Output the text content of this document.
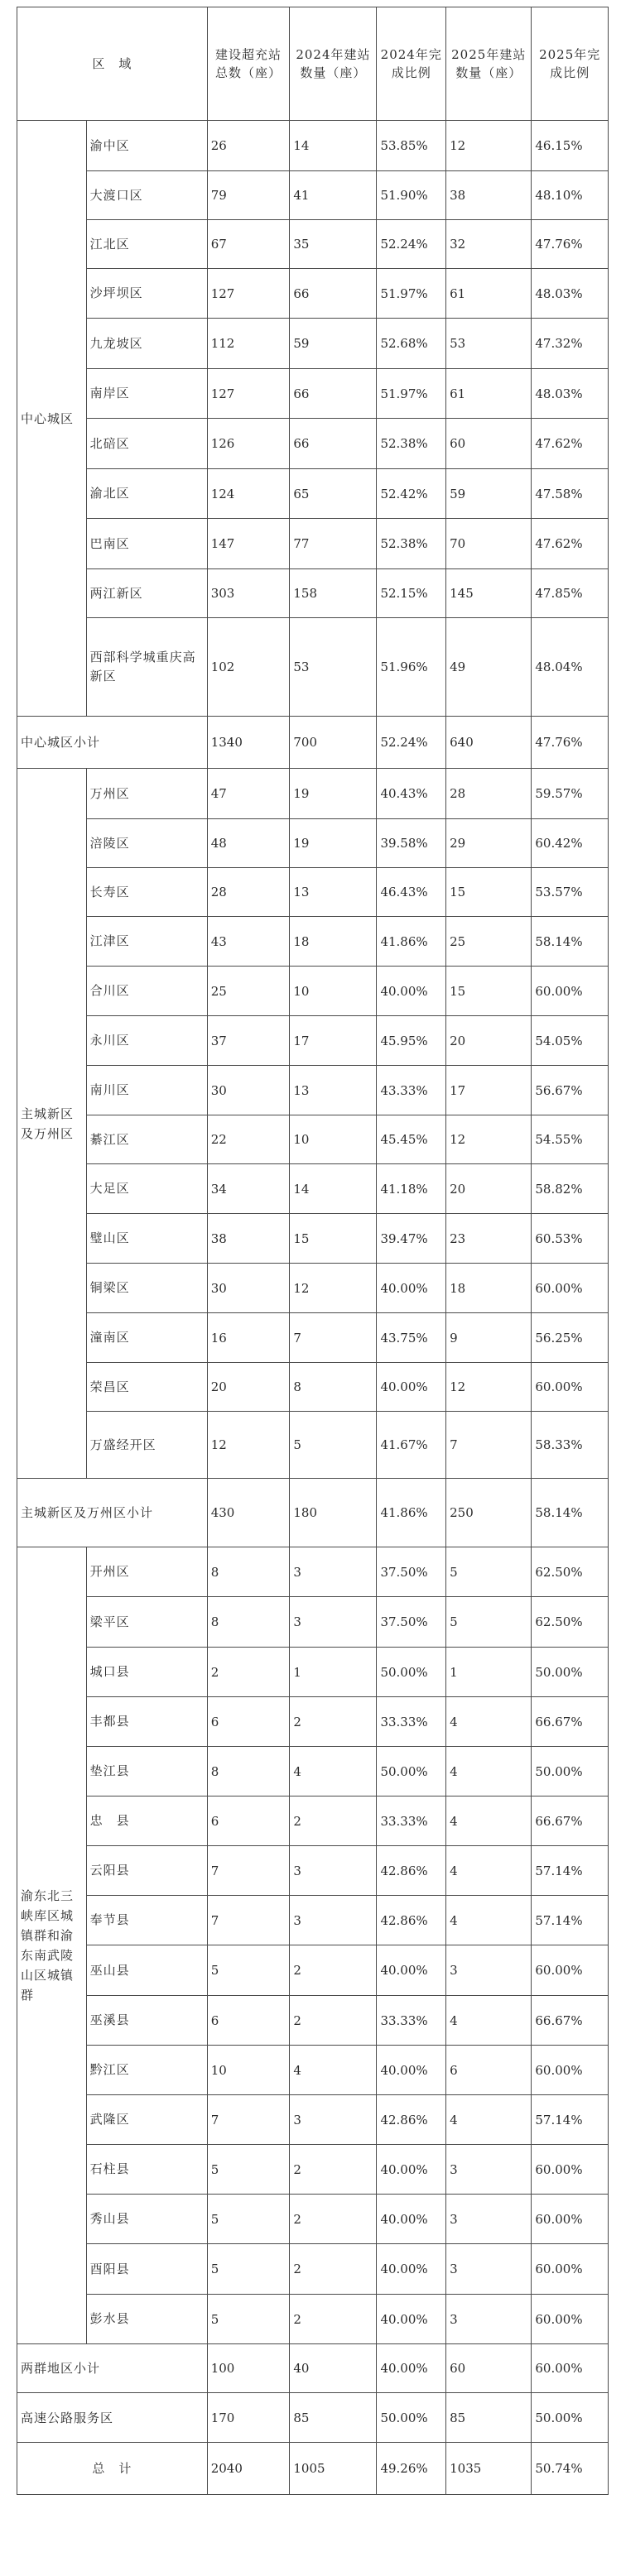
区　域		建设超充站总数（座）	2024年建站数量（座）	2024年完成比例	2025年建站数量（座）	2025年完成比例
中心城区	渝中区	26	14	53.85%	12	46.15%
	大渡口区	79	41	51.90%	38	48.10%
	江北区	67	35	52.24%	32	47.76%
	沙坪坝区	127	66	51.97%	61	48.03%
	九龙坡区	112	59	52.68%	53	47.32%
	南岸区	127	66	51.97%	61	48.03%
	北碚区	126	66	52.38%	60	47.62%
	渝北区	124	65	52.42%	59	47.58%
	巴南区	147	77	52.38%	70	47.62%
	两江新区	303	158	52.15%	145	47.85%
	西部科学城重庆高新区	102	53	51.96%	49	48.04%
中心城区小计		1340	700	52.24%	640	47.76%
主城新区及万州区	万州区	47	19	40.43%	28	59.57%
	涪陵区	48	19	39.58%	29	60.42%
	长寿区	28	13	46.43%	15	53.57%
	江津区	43	18	41.86%	25	58.14%
	合川区	25	10	40.00%	15	60.00%
	永川区	37	17	45.95%	20	54.05%
	南川区	30	13	43.33%	17	56.67%
	綦江区	22	10	45.45%	12	54.55%
	大足区	34	14	41.18%	20	58.82%
	璧山区	38	15	39.47%	23	60.53%
	铜梁区	30	12	40.00%	18	60.00%
	潼南区	16	7	43.75%	9	56.25%
	荣昌区	20	8	40.00%	12	60.00%
	万盛经开区	12	5	41.67%	7	58.33%
主城新区及万州区小计		430	180	41.86%	250	58.14%
渝东北三峡库区城镇群和渝东南武陵山区城镇群	开州区	8	3	37.50%	5	62.50%
	梁平区	8	3	37.50%	5	62.50%
	城口县	2	1	50.00%	1	50.00%
	丰都县	6	2	33.33%	4	66.67%
	垫江县	8	4	50.00%	4	50.00%
	忠　县	6	2	33.33%	4	66.67%
	云阳县	7	3	42.86%	4	57.14%
	奉节县	7	3	42.86%	4	57.14%
	巫山县	5	2	40.00%	3	60.00%
	巫溪县	6	2	33.33%	4	66.67%
	黔江区	10	4	40.00%	6	60.00%
	武隆区	7	3	42.86%	4	57.14%
	石柱县	5	2	40.00%	3	60.00%
	秀山县	5	2	40.00%	3	60.00%
	酉阳县	5	2	40.00%	3	60.00%
	彭水县	5	2	40.00%	3	60.00%
两群地区小计		100	40	40.00%	60	60.00%
高速公路服务区		170	85	50.00%	85	50.00%
总　计		2040	1005	49.26%	1035	50.74%
